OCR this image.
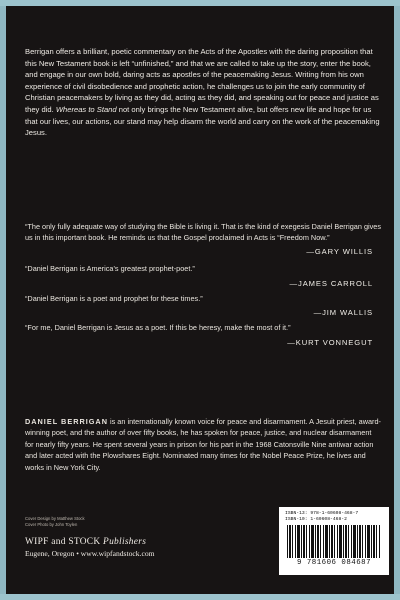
Berrigan offers a brilliant, poetic commentary on the Acts of the Apostles with the daring proposition that this New Testament book is left “unfinished,” and that we are called to take up the story, enter the book, and engage in our own bold, daring acts as apostles of the peacemaking Jesus. Writing from his own experience of civil disobedience and prophetic action, he challenges us to join the early community of Christian peacemakers by living as they did, acting as they did, and speaking out for peace and justice as they did. Whereas to Stand not only brings the New Testament alive, but offers new life and hope for us that our lives, our actions, our stand may help disarm the world and carry on the work of the peacemaking Jesus.

“The only fully adequate way of studying the Bible is living it. That is the kind of exegesis Daniel Berrigan gives us in this important book. He reminds us that the Gospel proclaimed in Acts is “Freedom Now.”
—GARY WILLIS
“Daniel Berrigan is America’s greatest prophet-poet.”
—JAMES CARROLL
“Daniel Berrigan is a poet and prophet for these times.”
—JIM WALLIS
“For me, Daniel Berrigan is Jesus as a poet. If this be heresy, make the most of it.”
—KURT VONNEGUT

DANIEL BERRIGAN is an internationally known voice for peace and disarmament. A Jesuit priest, award-winning poet, and the author of over fifty books, he has spoken for peace, justice, and nuclear disarmament for nearly fifty years. He spent several years in prison for his part in the 1968 Catonsville Nine antiwar action and later acted with the Plowshares Eight. Nominated many times for the Nobel Peace Prize, he lives and works in New York City.

Cover Design by Matthew Stock
Cover Photo by John Toylen
WIPF and STOCK Publishers
Eugene, Oregon • www.wipfandstock.com
ISBN-13: 978-1-60608-468-7
ISBN-10: 1-60608-468-2
9 781606 084687
